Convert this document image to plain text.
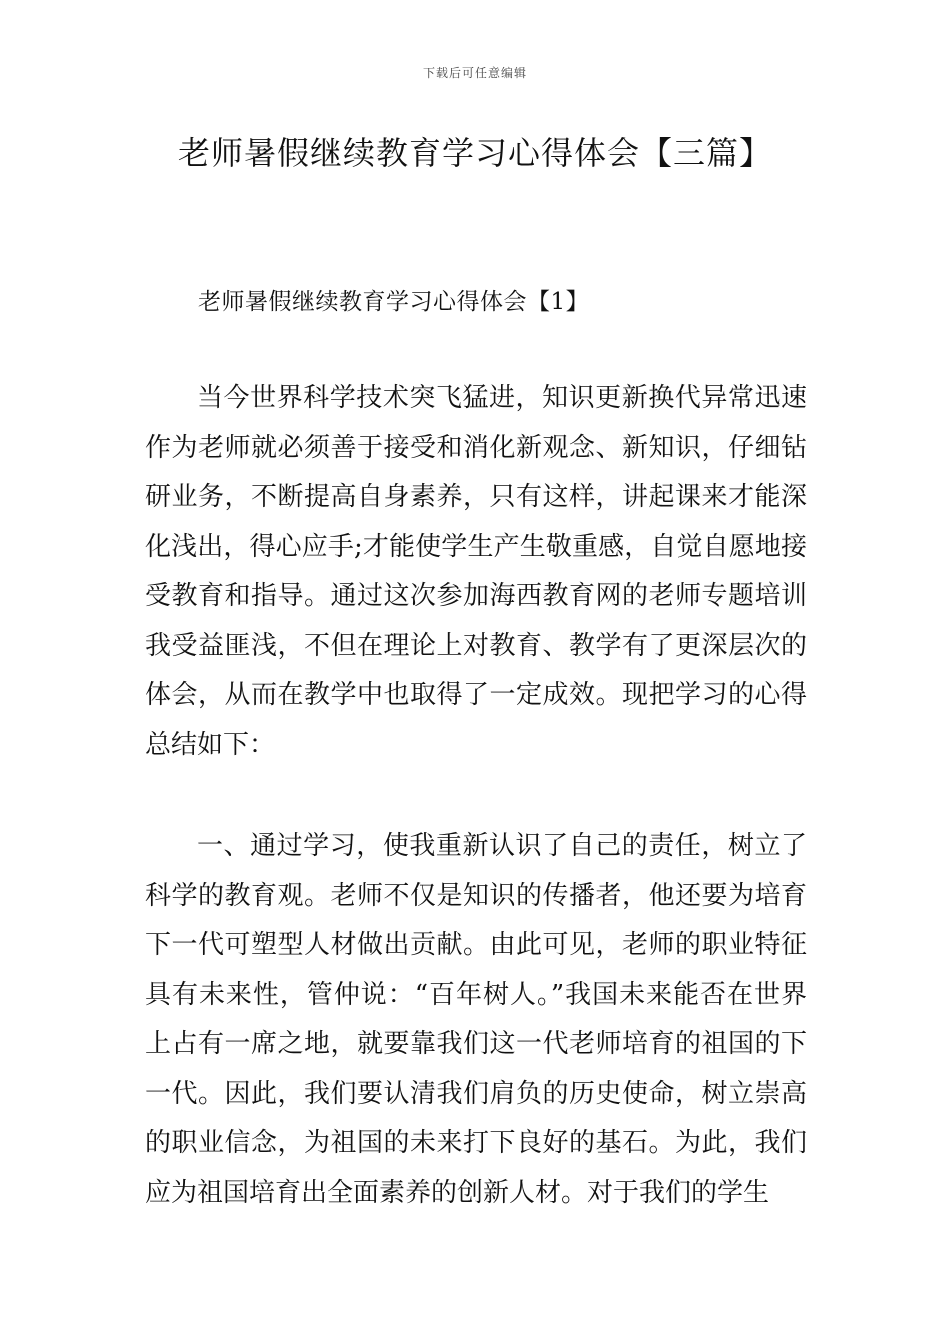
下载后可任意编辑
老师暑假继续教育学习心得体会【三篇】
老师暑假继续教育学习心得体会【1】

当今世界科学技术突飞猛进，知识更新换代异常迅速作为老师就必须善于接受和消化新观念、新知识，仔细钻研业务，不断提高自身素养，只有这样，讲起课来才能深化浅出，得心应手;才能使学生产生敬重感，自觉自愿地接受教育和指导。通过这次参加海西教育网的老师专题培训我受益匪浅，不但在理论上对教育、教学有了更深层次的体会，从而在教学中也取得了一定成效。现把学习的心得总结如下：

一、通过学习，使我重新认识了自己的责任，树立了科学的教育观。老师不仅是知识的传播者，他还要为培育下一代可塑型人材做出贡献。由此可见，老师的职业特征具有未来性，管仲说：“百年树人。”我国未来能否在世界上占有一席之地，就要靠我们这一代老师培育的祖国的下一代。因此，我们要认清我们肩负的历史使命，树立崇高的职业信念，为祖国的未来打下良好的基石。为此，我们应为祖国培育出全面素养的创新人材。对于我们的学生
